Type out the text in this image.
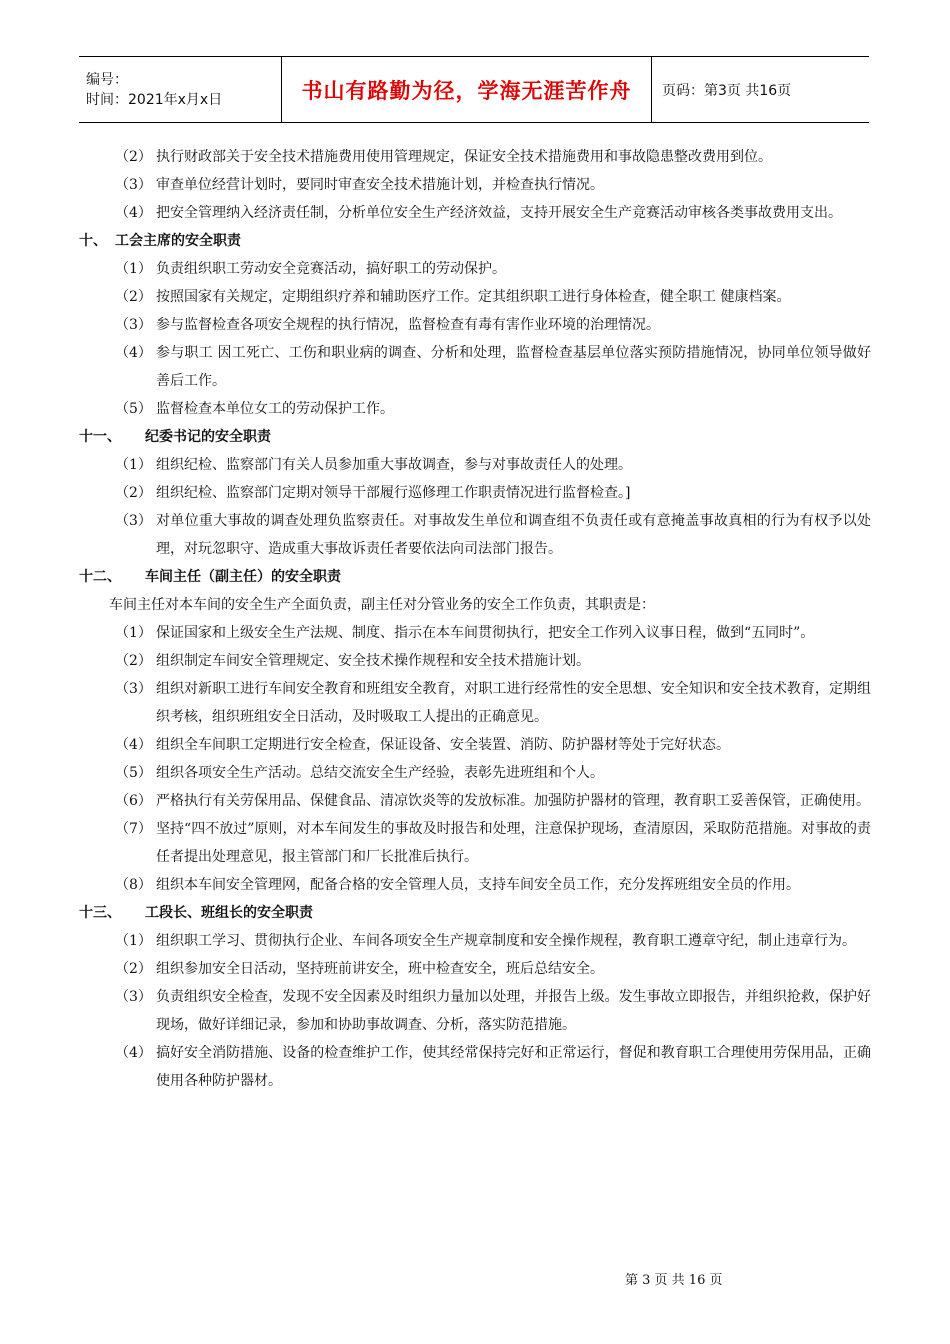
编号：
时间：2021年x月x日	书山有路勤为径，学海无涯苦作舟 页码：第3页 共16页
（2） 执行财政部关于安全技术措施费用使用管理规定，保证安全技术措施费用和事故隐患整改费用到位。
（3） 审查单位经营计划时，要同时审查安全技术措施计划，并检查执行情况。
（4） 把安全管理纳入经济责任制，分析单位安全生产经济效益，支持开展安全生产竞赛活动审核各类事故费用支出。
十、 工会主席的安全职责
（1） 负责组织职工劳动安全竞赛活动，搞好职工的劳动保护。
（2） 按照国家有关规定，定期组织疗养和辅助医疗工作。定其组织职工进行身体检查，健全职工 健康档案。
（3） 参与监督检查各项安全规程的执行情况，监督检查有毒有害作业环境的治理情况。
（4） 参与职工 因工死亡、工伤和职业病的调查、分析和处理，监督检查基层单位落实预防措施情况，协同单位领导做好善后工作。
（5） 监督检查本单位女工的劳动保护工作。
十一、	纪委书记的安全职责
（1） 组织纪检、监察部门有关人员参加重大事故调查，参与对事故责任人的处理。
（2） 组织纪检、监察部门定期对领导干部履行巡修理工作职责情况进行监督检查。]
（3） 对单位重大事故的调查处理负监察责任。对事故发生单位和调查组不负责任或有意掩盖事故真相的行为有权予以处理，对玩忽职守、造成重大事故诉责任者要依法向司法部门报告。
十二、	车间主任（副主任）的安全职责
车间主任对本车间的安全生产全面负责，副主任对分管业务的安全工作负责，其职责是：
（1） 保证国家和上级安全生产法规、制度、指示在本车间贯彻执行，把安全工作列入议事日程，做到“五同时”。
（2） 组织制定车间安全管理规定、安全技术操作规程和安全技术措施计划。
（3） 组织对新职工进行车间安全教育和班组安全教育，对职工进行经常性的安全思想、安全知识和安全技术教育，定期组织考核，组织班组安全日活动，及时吸取工人提出的正确意见。
（4） 组织全车间职工定期进行安全检查，保证设备、安全装置、消防、防护器材等处于完好状态。
（5） 组织各项安全生产活动。总结交流安全生产经验，表彰先进班组和个人。
（6） 严格执行有关劳保用品、保健食品、清凉饮炎等的发放标准。加强防护器材的管理，教育职工妥善保管，正确使用。
（7） 坚持“四不放过”原则，对本车间发生的事故及时报告和处理，注意保护现场，查清原因，采取防范措施。对事故的责任者提出处理意见，报主管部门和厂长批准后执行。
（8） 组织本车间安全管理网，配备合格的安全管理人员，支持车间安全员工作，充分发挥班组安全员的作用。
十三、	工段长、班组长的安全职责
（1） 组织职工学习、贯彻执行企业、车间各项安全生产规章制度和安全操作规程，教育职工遵章守纪，制止违章行为。
（2） 组织参加安全日活动，坚持班前讲安全，班中检查安全，班后总结安全。
（3） 负责组织安全检查，发现不安全因素及时组织力量加以处理，并报告上级。发生事故立即报告，并组织抢救，保护好现场，做好详细记录，参加和协助事故调查、分析，落实防范措施。
（4） 搞好安全消防措施、设备的检查维护工作，使其经常保持完好和正常运行，督促和教育职工合理使用劳保用品，正确使用各种防护器材。
第 3 页 共 16 页
